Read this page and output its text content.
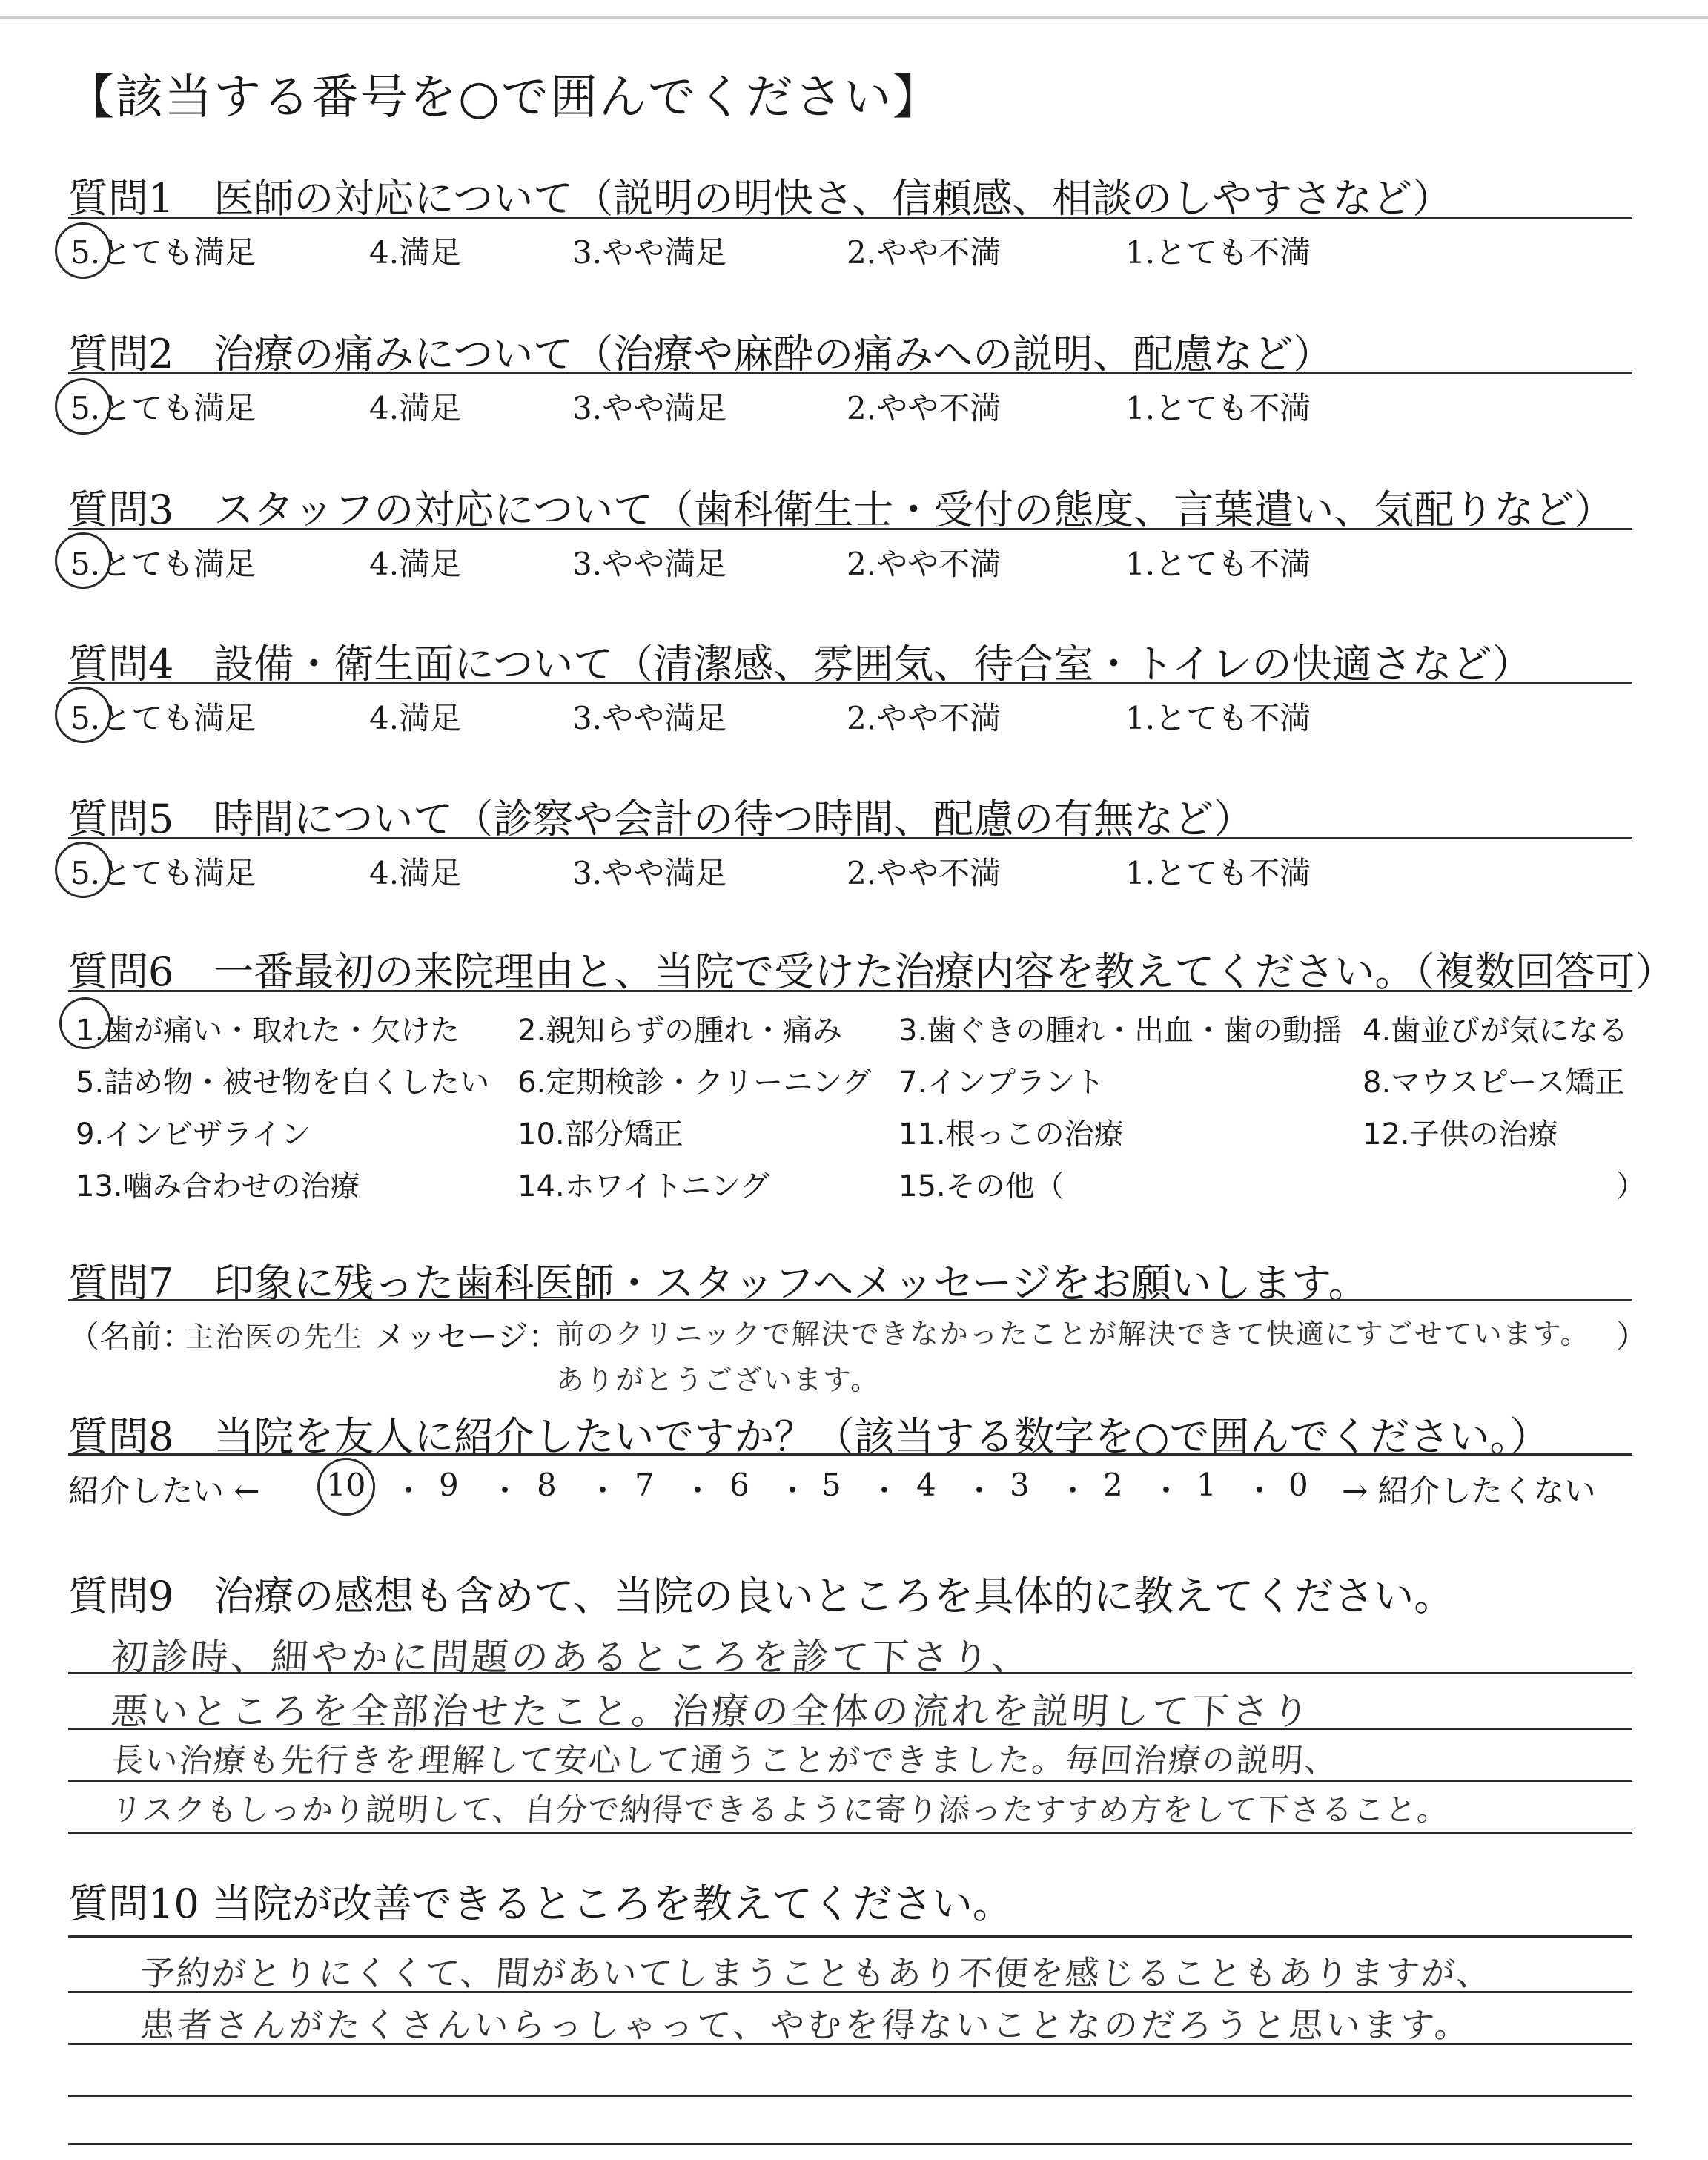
【該当する番号を○で囲んでください】
質問1　医師の対応について（説明の明快さ、信頼感、相談のしやすさなど）
5.とても満足	4.満足	3.やや満足	2.やや不満	1.とても不満
質問2　治療の痛みについて（治療や麻酔の痛みへの説明、配慮など）
5.とても満足	4.満足	3.やや満足	2.やや不満	1.とても不満
質問3　スタッフの対応について（歯科衛生士・受付の態度、言葉遣い、気配りなど）
5.とても満足	4.満足	3.やや満足	2.やや不満	1.とても不満
質問4　設備・衛生面について（清潔感、雰囲気、待合室・トイレの快適さなど）
5.とても満足	4.満足	3.やや満足	2.やや不満	1.とても不満
質問5　時間について（診察や会計の待つ時間、配慮の有無など）
5.とても満足	4.満足	3.やや満足	2.やや不満	1.とても不満
質問6　一番最初の来院理由と、当院で受けた治療内容を教えてください。（複数回答可）
1.歯が痛い・取れた・欠けた 2.親知らずの腫れ・痛み 3.歯ぐきの腫れ・出血・歯の動揺 4.歯並びが気になる
5.詰め物・被せ物を白くしたい 6.定期検診・クリーニング 7.インプラント	8.マウスピース矯正
9.インビザライン	10.部分矯正	11.根っこの治療	12.子供の治療
13.噛み合わせの治療	14.ホワイトニング	15.その他（	）
質問7　印象に残った歯科医師・スタッフへメッセージをお願いします。
（名前：
主治医の先生 メッセージ：
前のクリニックで解決できなかったことが解決できて快適にすごせています。 ）
ありがとうございます。
質問8　当院を友人に紹介したいですか？（該当する数字を○で囲んでください。）
紹介したい ← 10 ・ 9 ・ 8 ・ 7 ・ 6 ・ 5 ・ 4 ・ 3 ・ 2 ・ 1 ・ 0 → 紹介したくない
質問9　治療の感想も含めて、当院の良いところを具体的に教えてください。
初診時、細やかに問題のあるところを診て下さり、
悪いところを全部治せたこと。治療の全体の流れを説明して下さり
長い治療も先行きを理解して安心して通うことができました。毎回治療の説明、
リスクもしっかり説明して、自分で納得できるように寄り添ったすすめ方をして下さること。
質問10 当院が改善できるところを教えてください。
予約がとりにくくて、間があいてしまうこともあり不便を感じることもありますが、
患者さんがたくさんいらっしゃって、やむを得ないことなのだろうと思います。
